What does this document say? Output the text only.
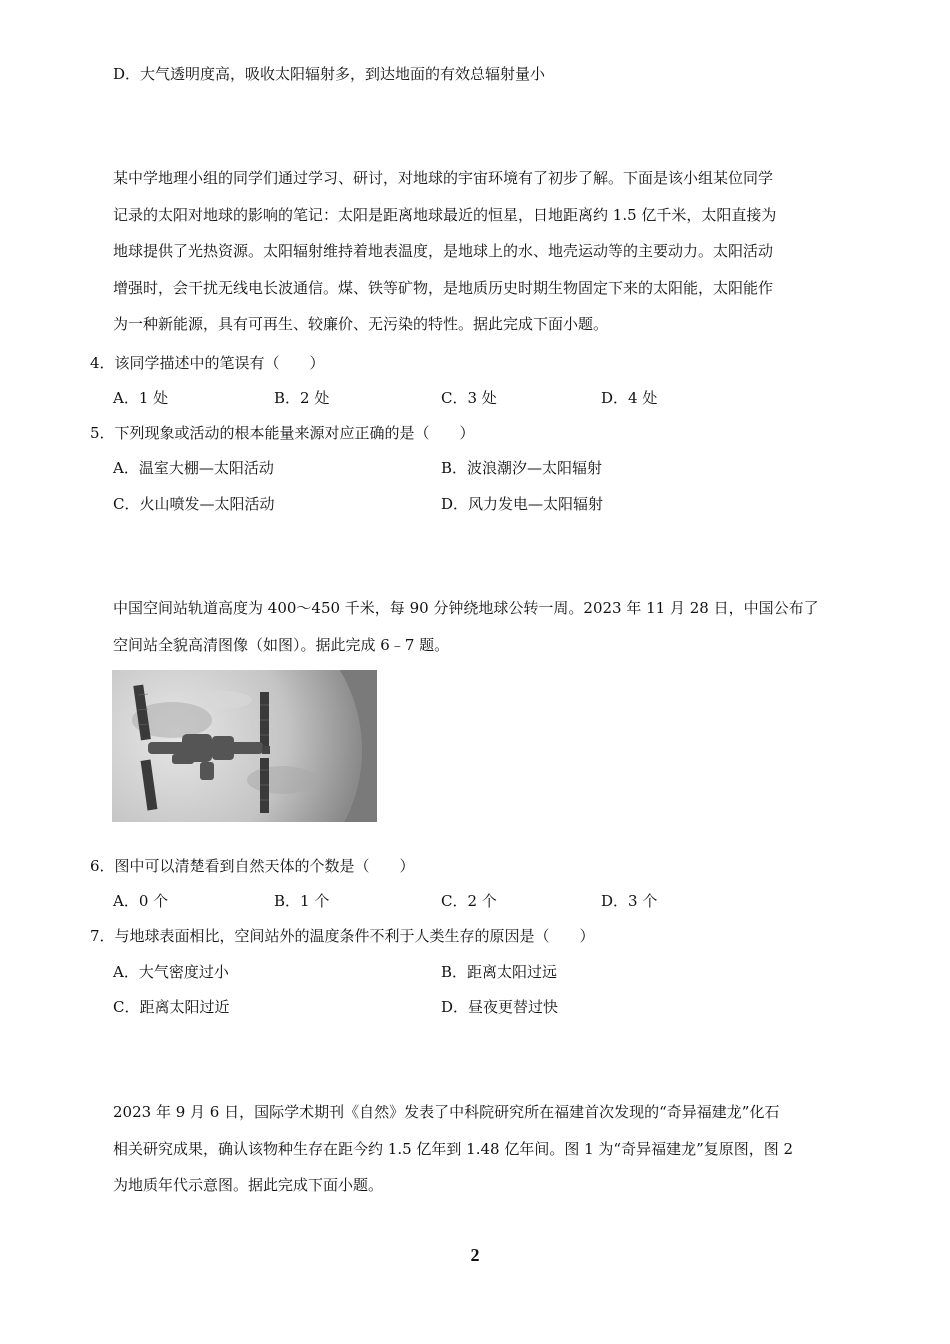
D．大气透明度高，吸收太阳辐射多，到达地面的有效总辐射量小

某中学地理小组的同学们通过学习、研讨，对地球的宇宙环境有了初步了解。下面是该小组某位同学

记录的太阳对地球的影响的笔记：太阳是距离地球最近的恒星，日地距离约 1.5 亿千米，太阳直接为

地球提供了光热资源。太阳辐射维持着地表温度，是地球上的水、地壳运动等的主要动力。太阳活动

增强时，会干扰无线电长波通信。煤、铁等矿物，是地质历史时期生物固定下来的太阳能，太阳能作

为一种新能源，具有可再生、较廉价、无污染的特性。据此完成下面小题。

4．该同学描述中的笔误有（　　）
A．1 处	B．2 处	C．3 处	D．4 处
5．下列现象或活动的根本能量来源对应正确的是（　　）
A．温室大棚—太阳活动	B．波浪潮汐—太阳辐射
C．火山喷发—太阳活动	D．风力发电—太阳辐射

中国空间站轨道高度为 400～450 千米，每 90 分钟绕地球公转一周。2023 年 11 月 28 日，中国公布了

空间站全貌高清图像（如图）。据此完成 6﹣7 题。

6．图中可以清楚看到自然天体的个数是（　　）
A．0 个	B．1 个	C．2 个	D．3 个
7．与地球表面相比，空间站外的温度条件不利于人类生存的原因是（　　）
A．大气密度过小	B．距离太阳过远
C．距离太阳过近	D．昼夜更替过快

2023 年 9 月 6 日，国际学术期刊《自然》发表了中科院研究所在福建首次发现的“奇异福建龙”化石

相关研究成果，确认该物种生存在距今约 1.5 亿年到 1.48 亿年间。图 1 为“奇异福建龙”复原图，图 2

为地质年代示意图。据此完成下面小题。

2
